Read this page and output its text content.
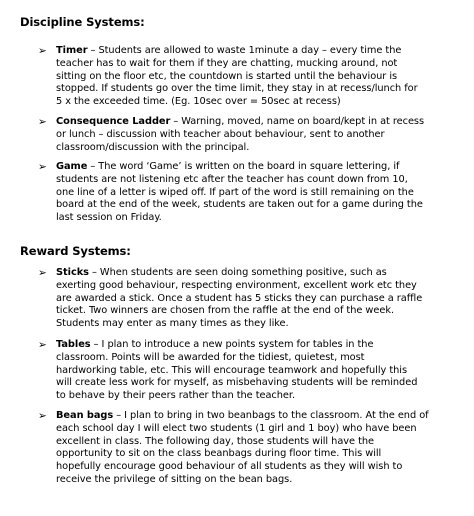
Discipline Systems:
➢ Timer – Students are allowed to waste 1minute a day – every time the
teacher has to wait for them if they are chatting, mucking around, not
sitting on the floor etc, the countdown is started until the behaviour is
stopped. If students go over the time limit, they stay in at recess/lunch for
5 x the exceeded time. (Eg. 10sec over = 50sec at recess)
➢ Consequence Ladder – Warning, moved, name on board/kept in at recess
or lunch – discussion with teacher about behaviour, sent to another
classroom/discussion with the principal.
➢ Game – The word ‘Game’ is written on the board in square lettering, if
students are not listening etc after the teacher has count down from 10,
one line of a letter is wiped off. If part of the word is still remaining on the
board at the end of the week, students are taken out for a game during the
last session on Friday.
Reward Systems:
➢ Sticks – When students are seen doing something positive, such as
exerting good behaviour, respecting environment, excellent work etc they
are awarded a stick. Once a student has 5 sticks they can purchase a raffle
ticket. Two winners are chosen from the raffle at the end of the week.
Students may enter as many times as they like.
➢ Tables – I plan to introduce a new points system for tables in the
classroom. Points will be awarded for the tidiest, quietest, most
hardworking table, etc. This will encourage teamwork and hopefully this
will create less work for myself, as misbehaving students will be reminded
to behave by their peers rather than the teacher.
➢ Bean bags – I plan to bring in two beanbags to the classroom. At the end of
each school day I will elect two students (1 girl and 1 boy) who have been
excellent in class. The following day, those students will have the
opportunity to sit on the class beanbags during floor time. This will
hopefully encourage good behaviour of all students as they will wish to
receive the privilege of sitting on the bean bags.
